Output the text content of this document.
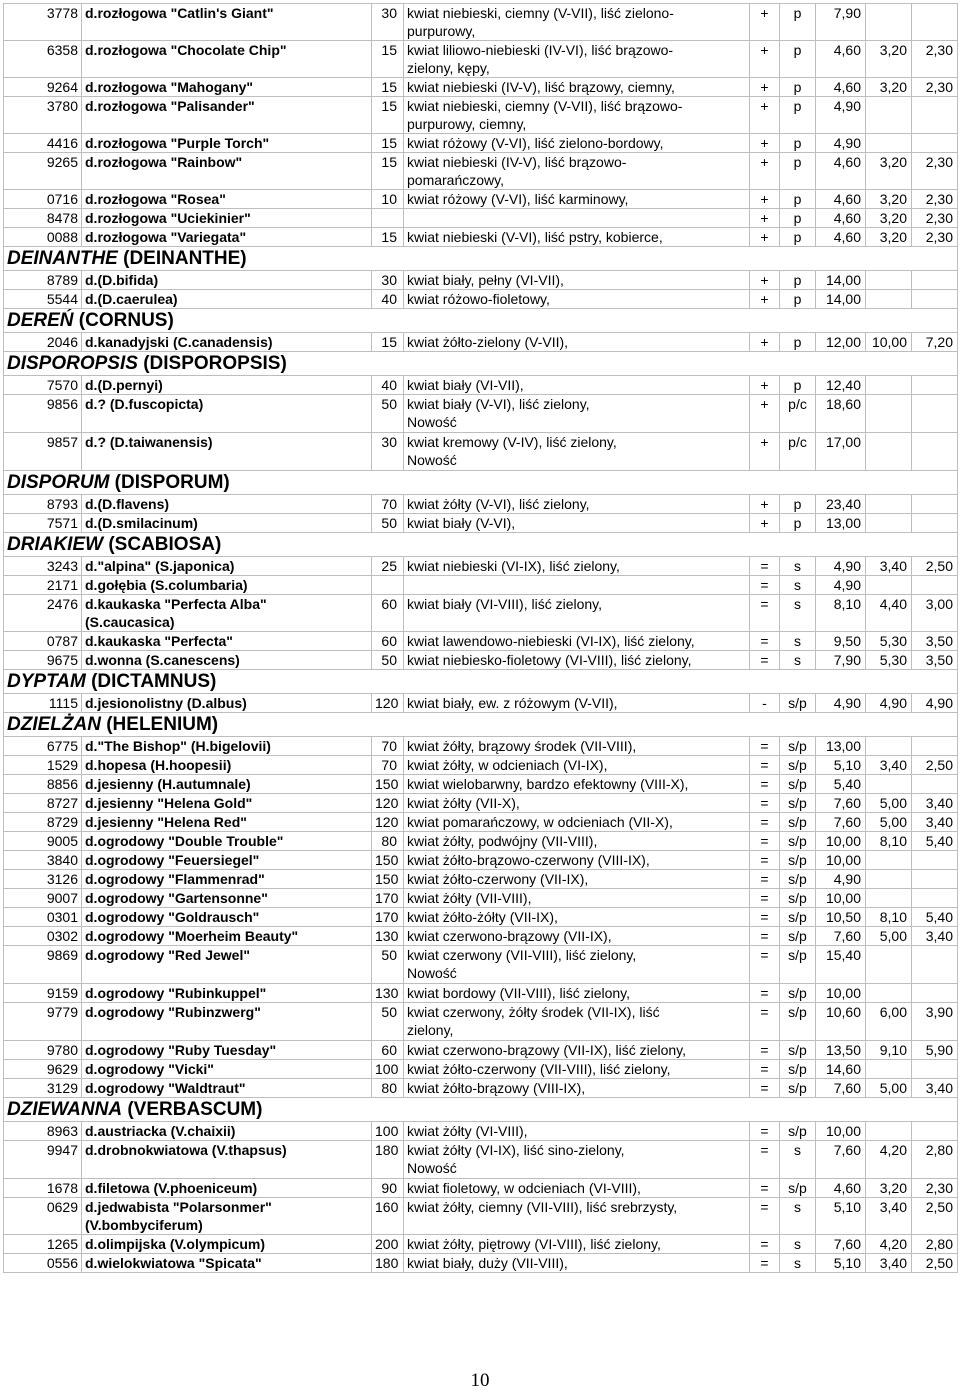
3778	d.rozłogowa "Catlin's Giant"	30	kwiat niebieski, ciemny (V-VII), liść zielono-
purpurowy,	+	p	7,90		
6358	d.rozłogowa "Chocolate Chip"	15	kwiat liliowo-niebieski (IV-VI), liść brązowo-
zielony, kępy,	+	p	4,60	3,20	2,30
9264	d.rozłogowa "Mahogany"	15	kwiat niebieski (IV-V), liść brązowy, ciemny,	+	p	4,60	3,20	2,30
3780	d.rozłogowa "Palisander"	15	kwiat niebieski, ciemny (V-VII), liść brązowo-
purpurowy, ciemny,	+	p	4,90		
4416	d.rozłogowa "Purple Torch"	15	kwiat różowy (V-VI), liść zielono-bordowy,	+	p	4,90		
9265	d.rozłogowa "Rainbow"	15	kwiat niebieski (IV-V), liść brązowo-
pomarańczowy,	+	p	4,60	3,20	2,30
0716	d.rozłogowa "Rosea"	10	kwiat różowy (V-VI), liść karminowy,	+	p	4,60	3,20	2,30
8478	d.rozłogowa "Uciekinier"			+	p	4,60	3,20	2,30
0088	d.rozłogowa "Variegata"	15	kwiat niebieski (V-VI), liść pstry, kobierce,	+	p	4,60	3,20	2,30
DEINANTHE (DEINANTHE)								
8789	d.(D.bifida)	30	kwiat biały, pełny (VI-VII),	+	p	14,00		
5544	d.(D.caerulea)	40	kwiat różowo-fioletowy,	+	p	14,00		
DEREŃ (CORNUS)								
2046	d.kanadyjski (C.canadensis)	15	kwiat żółto-zielony (V-VII),	+	p	12,00	10,00	7,20
DISPOROPSIS (DISPOROPSIS)								
7570	d.(D.pernyi)	40	kwiat biały (VI-VII),	+	p	12,40		
9856	d.? (D.fuscopicta)	50	kwiat biały (V-VI), liść zielony,
Nowość	+	p/c	18,60		
9857	d.? (D.taiwanensis)	30	kwiat kremowy (V-IV), liść zielony,
Nowość	+	p/c	17,00		
DISPORUM (DISPORUM)								
8793	d.(D.flavens)	70	kwiat żółty (V-VI), liść zielony,	+	p	23,40		
7571	d.(D.smilacinum)	50	kwiat biały (V-VI),	+	p	13,00		
DRIAKIEW (SCABIOSA)								
3243	d."alpina" (S.japonica)	25	kwiat niebieski (VI-IX), liść zielony,	=	s	4,90	3,40	2,50
2171	d.gołębia (S.columbaria)			=	s	4,90		
2476	d.kaukaska "Perfecta Alba"
(S.caucasica)	60	kwiat biały (VI-VIII), liść zielony,	=	s	8,10	4,40	3,00
0787	d.kaukaska "Perfecta"	60	kwiat lawendowo-niebieski (VI-IX), liść zielony,	=	s	9,50	5,30	3,50
9675	d.wonna (S.canescens)	50	kwiat niebiesko-fioletowy (VI-VIII), liść zielony,	=	s	7,90	5,30	3,50
DYPTAM (DICTAMNUS)								
1115	d.jesionolistny (D.albus)	120	kwiat biały, ew. z różowym (V-VII),	-	s/p	4,90	4,90	4,90
DZIELŻAN (HELENIUM)								
6775	d."The Bishop" (H.bigelovii)	70	kwiat żółty, brązowy środek (VII-VIII),	=	s/p	13,00		
1529	d.hopesa (H.hoopesii)	70	kwiat żółty, w odcieniach (VI-IX),	=	s/p	5,10	3,40	2,50
8856	d.jesienny (H.autumnale)	150	kwiat wielobarwny, bardzo efektowny (VIII-X),	=	s/p	5,40		
8727	d.jesienny "Helena Gold"	120	kwiat żółty (VII-X),	=	s/p	7,60	5,00	3,40
8729	d.jesienny "Helena Red"	120	kwiat pomarańczowy, w odcieniach (VII-X),	=	s/p	7,60	5,00	3,40
9005	d.ogrodowy "Double Trouble"	80	kwiat żółty, podwójny (VII-VIII),	=	s/p	10,00	8,10	5,40
3840	d.ogrodowy "Feuersiegel"	150	kwiat żółto-brązowo-czerwony (VIII-IX),	=	s/p	10,00		
3126	d.ogrodowy "Flammenrad"	150	kwiat żółto-czerwony (VII-IX),	=	s/p	4,90		
9007	d.ogrodowy "Gartensonne"	170	kwiat żółty (VII-VIII),	=	s/p	10,00		
0301	d.ogrodowy "Goldrausch"	170	kwiat żółto-żółty (VII-IX),	=	s/p	10,50	8,10	5,40
0302	d.ogrodowy "Moerheim Beauty"	130	kwiat czerwono-brązowy (VII-IX),	=	s/p	7,60	5,00	3,40
9869	d.ogrodowy "Red Jewel"	50	kwiat czerwony (VII-VIII), liść zielony,
Nowość	=	s/p	15,40		
9159	d.ogrodowy "Rubinkuppel"	130	kwiat bordowy (VII-VIII), liść zielony,	=	s/p	10,00		
9779	d.ogrodowy "Rubinzwerg"	50	kwiat czerwony, żółty środek (VII-IX), liść
zielony,	=	s/p	10,60	6,00	3,90
9780	d.ogrodowy "Ruby Tuesday"	60	kwiat czerwono-brązowy (VII-IX), liść zielony,	=	s/p	13,50	9,10	5,90
9629	d.ogrodowy "Vicki"	100	kwiat żółto-czerwony (VII-VIII), liść zielony,	=	s/p	14,60		
3129	d.ogrodowy "Waldtraut"	80	kwiat żółto-brązowy (VIII-IX),	=	s/p	7,60	5,00	3,40
DZIEWANNA (VERBASCUM)								
8963	d.austriacka (V.chaixii)	100	kwiat żółty (VI-VIII),	=	s/p	10,00		
9947	d.drobnokwiatowa (V.thapsus)	180	kwiat żółty (VI-IX), liść sino-zielony,
Nowość	=	s	7,60	4,20	2,80
1678	d.filetowa (V.phoeniceum)	90	kwiat fioletowy, w odcieniach (VI-VIII),	=	s/p	4,60	3,20	2,30
0629	d.jedwabista "Polarsonmer"
(V.bombyciferum)	160	kwiat żółty, ciemny (VII-VIII), liść srebrzysty,	=	s	5,10	3,40	2,50
1265	d.olimpijska (V.olympicum)	200	kwiat żółty, piętrowy (VI-VIII), liść zielony,	=	s	7,60	4,20	2,80
0556	d.wielokwiatowa "Spicata"	180	kwiat biały, duży (VII-VIII),	=	s	5,10	3,40	2,50
10
